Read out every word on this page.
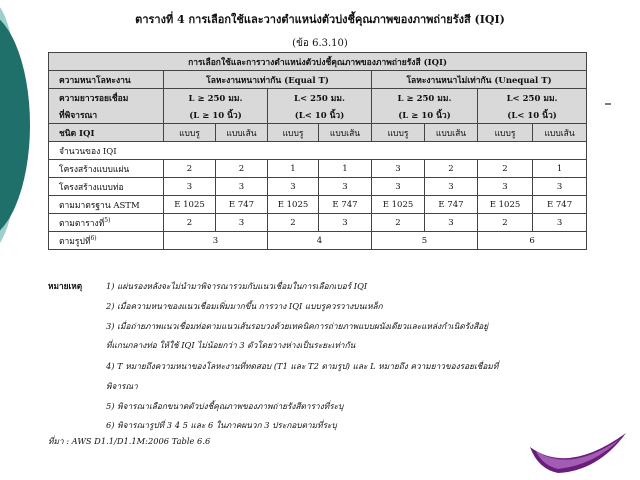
ตารางที่ 4 การเลือกใช้และวางตำแหน่งตัวบ่งชี้คุณภาพของภาพถ่ายรังสี (IQI)
(ข้อ 6.3.10)
การเลือกใช้และการวางตำแหน่งตัวบ่งชี้คุณภาพของภาพถ่ายรังสี (IQI)								
ความหนาโลหะงาน	โลหะงานหนาเท่ากัน (Equal T)				โลหะงานหนาไม่เท่ากัน (Unequal T)			
ความยาวรอยเชื่อม	L ≥ 250 มม.		L< 250 มม.		L ≥ 250 มม.		L< 250 มม.	
ที่พิจารณา	(L ≥ 10 นิ้ว)		(L< 10 นิ้ว)		(L ≥ 10 นิ้ว)		(L< 10 นิ้ว)	
ชนิด IQI	แบบรู	แบบเส้น	แบบรู	แบบเส้น	แบบรู	แบบเส้น	แบบรู	แบบเส้น
จำนวนของ IQI								
โครงสร้างแบบแผ่น	2	2	1	1	3	2	2	1
โครงสร้างแบบท่อ	3	3	3	3	3	3	3	3
ตามมาตรฐาน ASTM	E 1025	E 747	E 1025	E 747	E 1025	E 747	E 1025	E 747
ตามตารางที่$^{5)}$	2	3	2	3	2	3	2	3
ตามรูปที่$^{6)}$	3		4		5		6	
หมายเหตุ	1) แผ่นรองหลังจะไม่นำมาพิจารณารวมกับแนวเชื่อมในการเลือกเบอร์ IQI
2) เมื่อความหนาของแนวเชื่อมเพิ่มมากขึ้น การวาง IQI แบบรูควรวางบนเหล็ก
3) เมื่อถ่ายภาพแนวเชื่อมท่อตามแนวเส้นรอบวงด้วยเทคนิคการถ่ายภาพแบบผนังเดียวและแหล่งกำเนิดรังสีอยู่
ที่แกนกลางท่อ ให้ใช้ IQI ไม่น้อยกว่า 3 ตัวโดยวางห่างเป็นระยะเท่ากัน
4) T หมายถึงความหนาของโลหะงานที่ทดสอบ (T1 และ T2 ตามรูป) และ L หมายถึง ความยาวของรอยเชื่อมที่
พิจารณา
5) พิจารณาเลือกขนาดตัวบ่งชี้คุณภาพของภาพถ่ายรังสีตารางที่ระบุ
6) พิจารณารูปที่ 3 4 5 และ 6 ในภาคผนวก 3 ประกอบตามที่ระบุ
ที่มา : AWS D1.1/D1.1M:2006 Table 6.6
